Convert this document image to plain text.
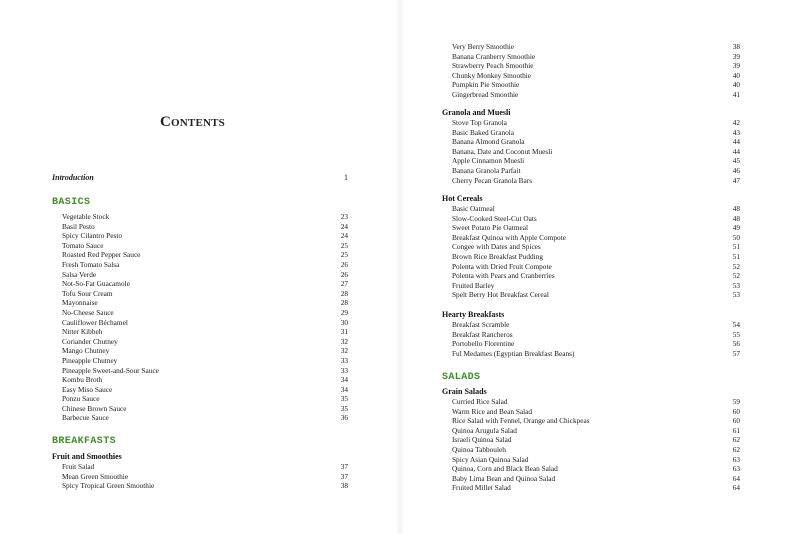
Contents
Introduction	1
BASICS
Vegetable Stock	23
Basil Pesto	24
Spicy Cilantro Pesto	24
Tomato Sauce	25
Roasted Red Pepper Sauce	25
Fresh Tomato Salsa	26
Salsa Verde	26
Not-So-Fat Guacamole	27
Tofu Sour Cream	28
Mayonnaise	28
No-Cheese Sauce	29
Cauliflower Béchamel	30
Nitter Kibbeh	31
Coriander Chutney	32
Mango Chutney	32
Pineapple Chutney	33
Pineapple Sweet-and-Sour Sauce	33
Kombu Broth	34
Easy Miso Sauce	34
Ponzu Sauce	35
Chinese Brown Sauce	35
Barbecue Sauce	36
BREAKFASTS
Fruit and Smoothies
Fruit Salad	37
Mean Green Smoothie	37
Spicy Tropical Green Smoothie	38
Very Berry Smoothie	38
Banana Cranberry Smoothie	39
Strawberry Peach Smoothie	39
Chunky Monkey Smoothie	40
Pumpkin Pie Smoothie	40
Gingerbread Smoothie	41
Granola and Muesli
Stove Top Granola	42
Basic Baked Granola	43
Banana Almond Granola	44
Banana, Date and Coconut Muesli	44
Apple Cinnamon Muesli	45
Banana Granola Parfait	46
Cherry Pecan Granola Bars	47
Hot Cereals
Basic Oatmeal	48
Slow-Cooked Steel-Cut Oats	48
Sweet Potato Pie Oatmeal	49
Breakfast Quinoa with Apple Compote	50
Congee with Dates and Spices	51
Brown Rice Breakfast Pudding	51
Polenta with Dried Fruit Compote	52
Polenta with Pears and Cranberries	52
Fruited Barley	53
Spelt Berry Hot Breakfast Cereal	53
Hearty Breakfasts
Breakfast Scramble	54
Breakfast Rancheros	55
Portobello Florentine	56
Ful Medames (Egyptian Breakfast Beans)	57
SALADS
Grain Salads
Curried Rice Salad	59
Warm Rice and Bean Salad	60
Rice Salad with Fennel, Orange and Chickpeas	60
Quinoa Arugula Salad	61
Israeli Quinoa Salad	62
Quinoa Tabbouleh	62
Spicy Asian Quinoa Salad	63
Quinoa, Corn and Black Bean Salad	63
Baby Lima Bean and Quinoa Salad	64
Fruited Millet Salad	64
